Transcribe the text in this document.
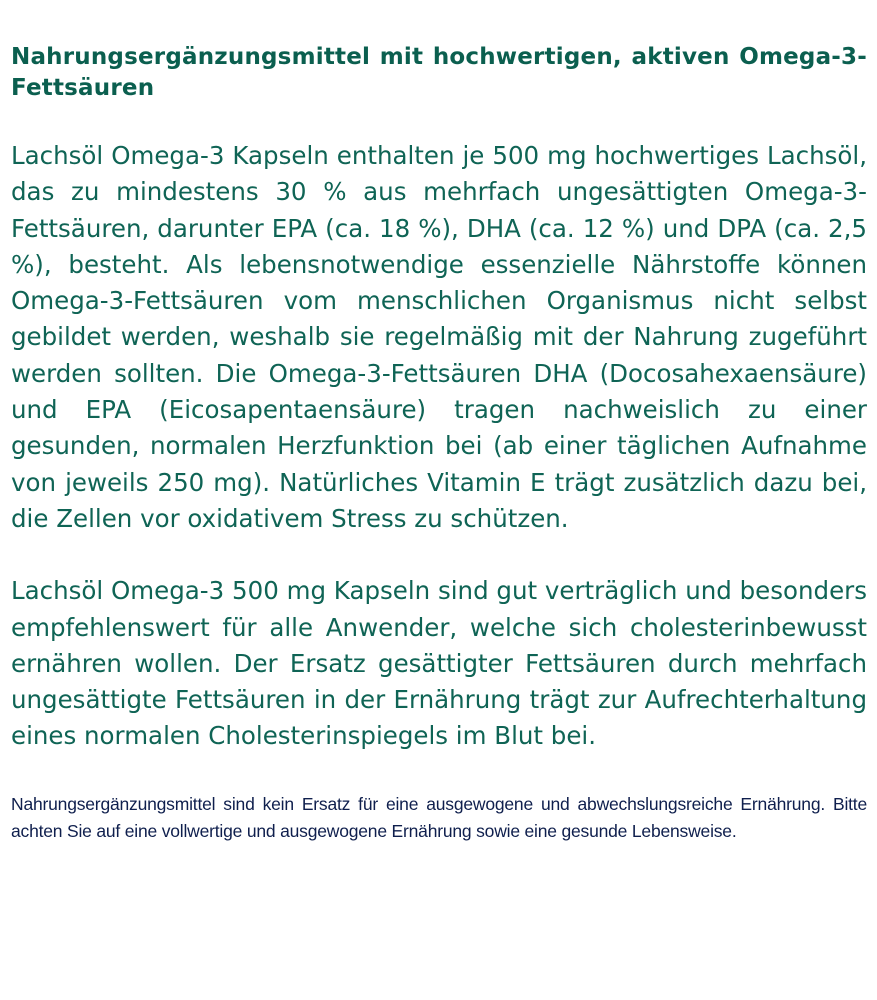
Nahrungsergänzungsmittel mit hochwertigen, aktiven Omega-3-Fettsäuren

Lachsöl Omega-3 Kapseln enthalten je 500 mg hochwertiges Lachsöl, das zu mindestens 30 % aus mehrfach ungesättigten Omega-3-Fettsäuren, darunter EPA (ca. 18 %), DHA (ca. 12 %) und DPA (ca. 2,5 %), besteht. Als lebensnotwendige essenzielle Nährstoffe können Omega-3-Fettsäuren vom menschlichen Organismus nicht selbst gebildet werden, weshalb sie regelmäßig mit der Nahrung zugeführt werden sollten. Die Omega-3-Fettsäuren DHA (Docosahexaensäure) und EPA (Eicosapentaensäure) tragen nachweislich zu einer gesunden, normalen Herzfunktion bei (ab einer täglichen Aufnahme von jeweils 250 mg). Natürliches Vitamin E trägt zusätzlich dazu bei, die Zellen vor oxidativem Stress zu schützen.

Lachsöl Omega-3 500 mg Kapseln sind gut verträglich und besonders empfehlenswert für alle Anwender, welche sich cholesterinbewusst ernähren wollen. Der Ersatz gesättigter Fettsäuren durch mehrfach ungesättigte Fettsäuren in der Ernährung trägt zur Aufrechterhaltung eines normalen Cholesterinspiegels im Blut bei.

Nahrungsergänzungsmittel sind kein Ersatz für eine ausgewogene und abwechslungsreiche Ernährung. Bitte achten Sie auf eine vollwertige und ausgewogene Ernährung sowie eine gesunde Lebensweise.
